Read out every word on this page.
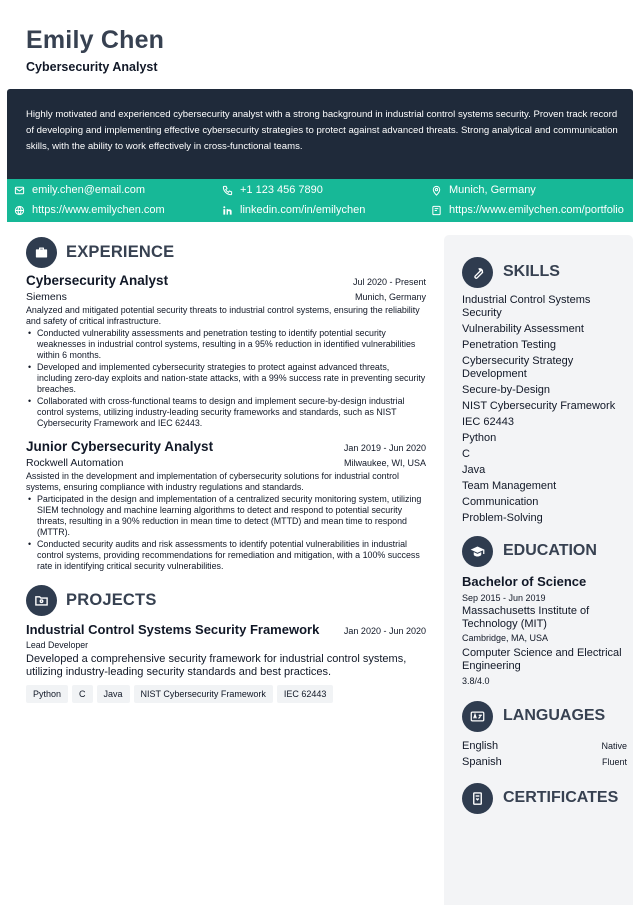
Emily Chen
Cybersecurity Analyst
Highly motivated and experienced cybersecurity analyst with a strong background in industrial control systems security. Proven track record of developing and implementing effective cybersecurity strategies to protect against advanced threats. Strong analytical and communication skills, with the ability to work effectively in cross-functional teams.
emily.chen@email.com	+1 123 456 7890	Munich, Germany
https://www.emilychen.com	linkedin.com/in/emilychen	https://www.emilychen.com/portfolio
EXPERIENCE
Cybersecurity Analyst	Jul 2020 - Present
Siemens	Munich, Germany
Analyzed and mitigated potential security threats to industrial control systems, ensuring the reliability and safety of critical infrastructure.
• Conducted vulnerability assessments and penetration testing to identify potential security weaknesses in industrial control systems, resulting in a 95% reduction in identified vulnerabilities within 6 months.
• Developed and implemented cybersecurity strategies to protect against advanced threats, including zero-day exploits and nation-state attacks, with a 99% success rate in preventing security breaches.
• Collaborated with cross-functional teams to design and implement secure-by-design industrial control systems, utilizing industry-leading security frameworks and standards, such as NIST Cybersecurity Framework and IEC 62443.
Junior Cybersecurity Analyst	Jan 2019 - Jun 2020
Rockwell Automation	Milwaukee, WI, USA
Assisted in the development and implementation of cybersecurity solutions for industrial control systems, ensuring compliance with industry regulations and standards.
• Participated in the design and implementation of a centralized security monitoring system, utilizing SIEM technology and machine learning algorithms to detect and respond to potential security threats, resulting in a 90% reduction in mean time to detect (MTTD) and mean time to respond (MTTR).
• Conducted security audits and risk assessments to identify potential vulnerabilities in industrial control systems, providing recommendations for remediation and mitigation, with a 100% success rate in identifying critical security vulnerabilities.
PROJECTS
Industrial Control Systems Security Framework	Jan 2020 - Jun 2020
Lead Developer
Developed a comprehensive security framework for industrial control systems, utilizing industry-leading security standards and best practices.
Python	C	Java	NIST Cybersecurity Framework	IEC 62443
SKILLS
Industrial Control Systems Security
Vulnerability Assessment
Penetration Testing
Cybersecurity Strategy Development
Secure-by-Design
NIST Cybersecurity Framework
IEC 62443
Python
C
Java
Team Management
Communication
Problem-Solving
EDUCATION
Bachelor of Science
Sep 2015 - Jun 2019
Massachusetts Institute of Technology (MIT)
Cambridge, MA, USA
Computer Science and Electrical Engineering
3.8/4.0
LANGUAGES
English	Native
Spanish	Fluent
CERTIFICATES
